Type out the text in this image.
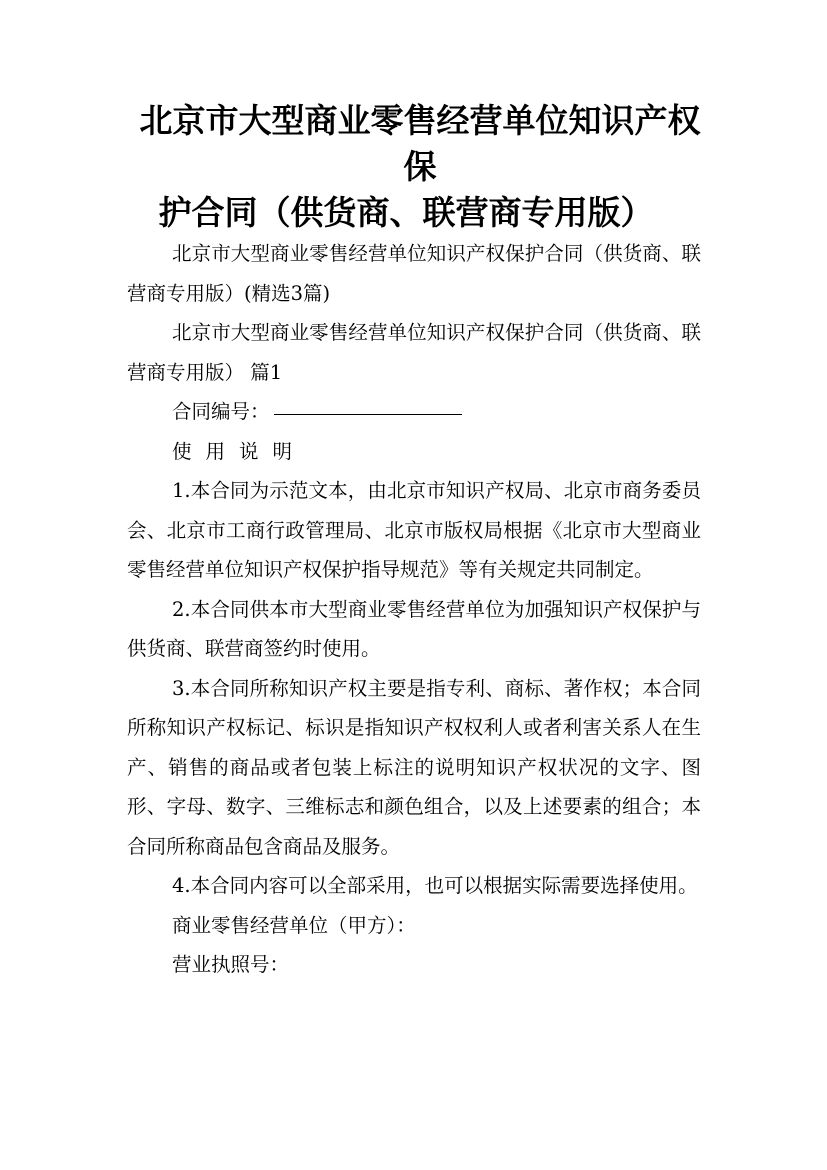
北京市大型商业零售经营单位知识产权保

护合同（供货商、联营商专用版）

北京市大型商业零售经营单位知识产权保护合同（供货商、联营商专用版）(精选3篇)

北京市大型商业零售经营单位知识产权保护合同（供货商、联营商专用版） 篇1

合同编号：

使用说明

1.本合同为示范文本，由北京市知识产权局、北京市商务委员会、北京市工商行政管理局、北京市版权局根据《北京市大型商业零售经营单位知识产权保护指导规范》等有关规定共同制定。

2.本合同供本市大型商业零售经营单位为加强知识产权保护与供货商、联营商签约时使用。

3.本合同所称知识产权主要是指专利、商标、著作权；本合同所称知识产权标记、标识是指知识产权权利人或者利害关系人在生产、销售的商品或者包装上标注的说明知识产权状况的文字、图形、字母、数字、三维标志和颜色组合，以及上述要素的组合；本合同所称商品包含商品及服务。

4.本合同内容可以全部采用，也可以根据实际需要选择使用。

商业零售经营单位（甲方）：

营业执照号：
